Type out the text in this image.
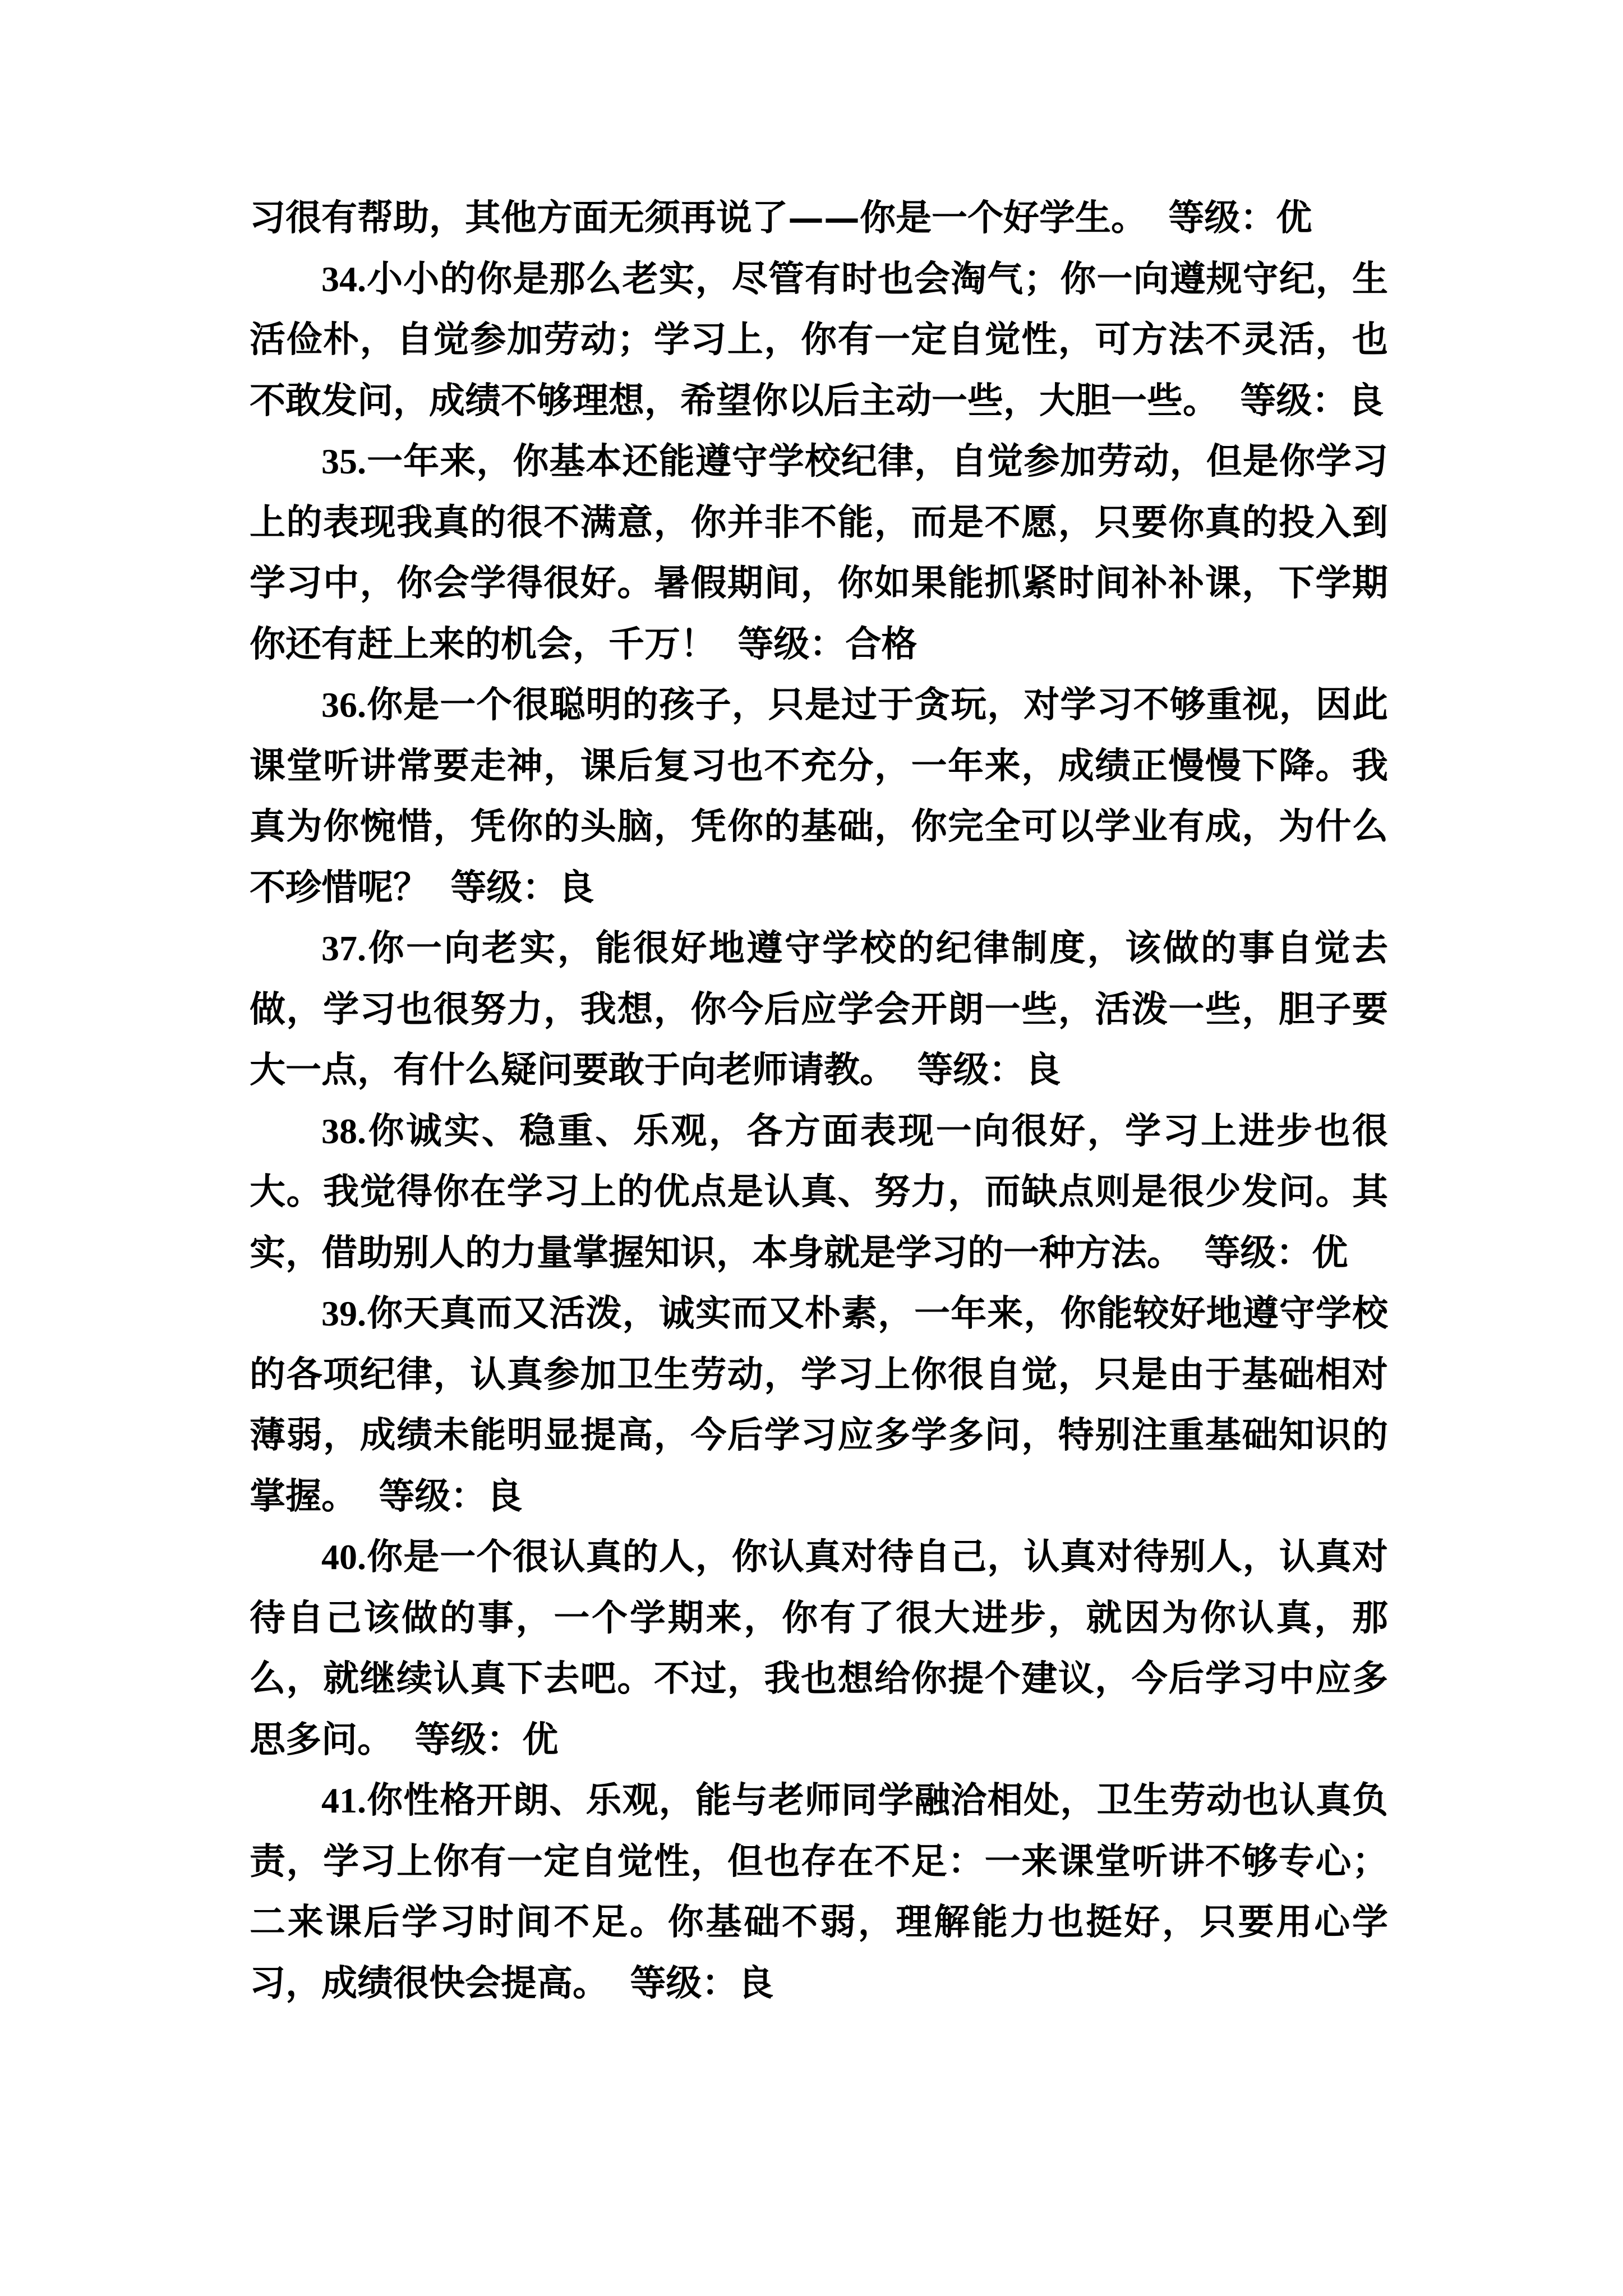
习很有帮助，其他方面无须再说了——你是一个好学生。 等级：优

34.小小的你是那么老实，尽管有时也会淘气；你一向遵规守纪，生活俭朴，自觉参加劳动；学习上，你有一定自觉性，可方法不灵活，也不敢发问，成绩不够理想，希望你以后主动一些，大胆一些。 等级：良

35.一年来，你基本还能遵守学校纪律，自觉参加劳动，但是你学习上的表现我真的很不满意，你并非不能，而是不愿，只要你真的投入到学习中，你会学得很好。暑假期间，你如果能抓紧时间补补课，下学期你还有赶上来的机会，千万！ 等级：合格

36.你是一个很聪明的孩子，只是过于贪玩，对学习不够重视，因此课堂听讲常要走神，课后复习也不充分，一年来，成绩正慢慢下降。我真为你惋惜，凭你的头脑，凭你的基础，你完全可以学业有成，为什么不珍惜呢？ 等级：良

37.你一向老实，能很好地遵守学校的纪律制度，该做的事自觉去做，学习也很努力，我想，你今后应学会开朗一些，活泼一些，胆子要大一点，有什么疑问要敢于向老师请教。 等级：良

38.你诚实、稳重、乐观，各方面表现一向很好，学习上进步也很大。我觉得你在学习上的优点是认真、努力，而缺点则是很少发问。其实，借助别人的力量掌握知识，本身就是学习的一种方法。 等级：优

39.你天真而又活泼，诚实而又朴素，一年来，你能较好地遵守学校的各项纪律，认真参加卫生劳动，学习上你很自觉，只是由于基础相对薄弱，成绩未能明显提高，今后学习应多学多问，特别注重基础知识的掌握。 等级：良

40.你是一个很认真的人，你认真对待自己，认真对待别人，认真对待自己该做的事，一个学期来，你有了很大进步，就因为你认真，那么，就继续认真下去吧。不过，我也想给你提个建议，今后学习中应多思多问。 等级：优

41.你性格开朗、乐观，能与老师同学融洽相处，卫生劳动也认真负责，学习上你有一定自觉性，但也存在不足：一来课堂听讲不够专心；二来课后学习时间不足。你基础不弱，理解能力也挺好，只要用心学习，成绩很快会提高。 等级：良
